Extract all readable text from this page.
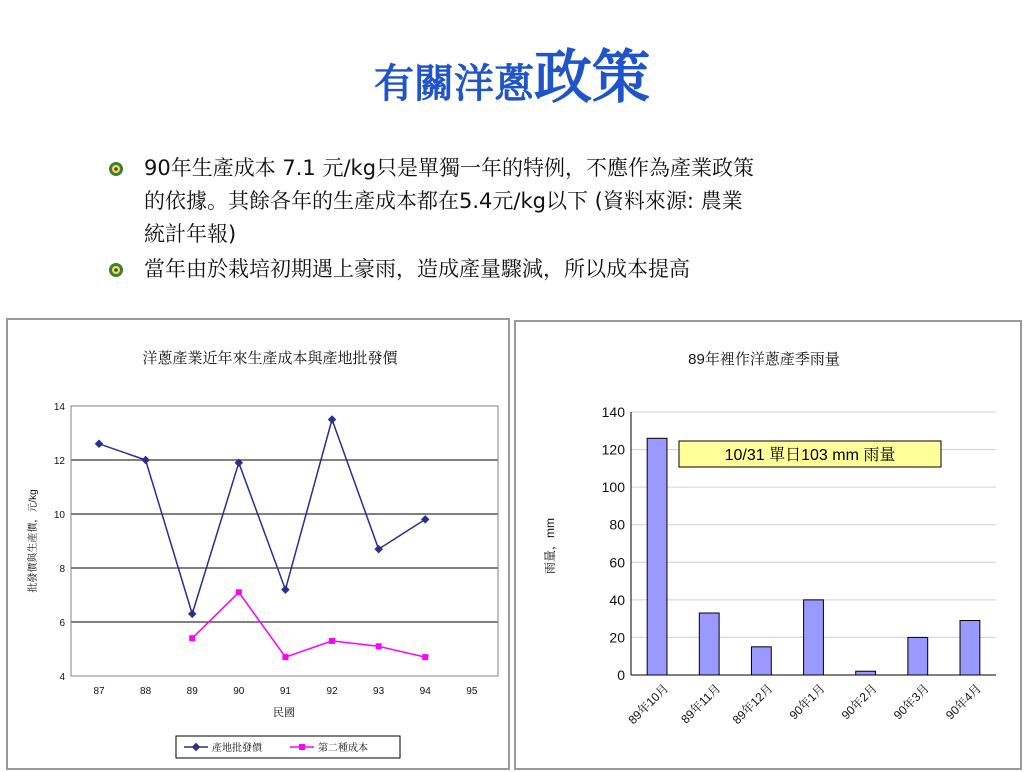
有關洋蔥政策
90年生產成本 7.1 元/kg只是單獨一年的特例，不應作為產業政策
的依據。其餘各年的生產成本都在5.4元/kg以下 (資料來源: 農業
統計年報)
當年由於栽培初期遇上豪雨，造成產量驟減，所以成本提高
洋蔥產業近年來生產成本與產地批發價
4
6
8
10
12
14
87	88	89	90	91	92	93	94	95
批發價與生產價，元/kg
民國
產地批發價	第二種成本
89年裡作洋蔥產季雨量
0
20
40
60
80
100
120
140
89年10月 89年11月 89年12月 90年1月 90年2月 90年3月 90年4月
雨量，mm
10/31 單日103 mm 雨量
